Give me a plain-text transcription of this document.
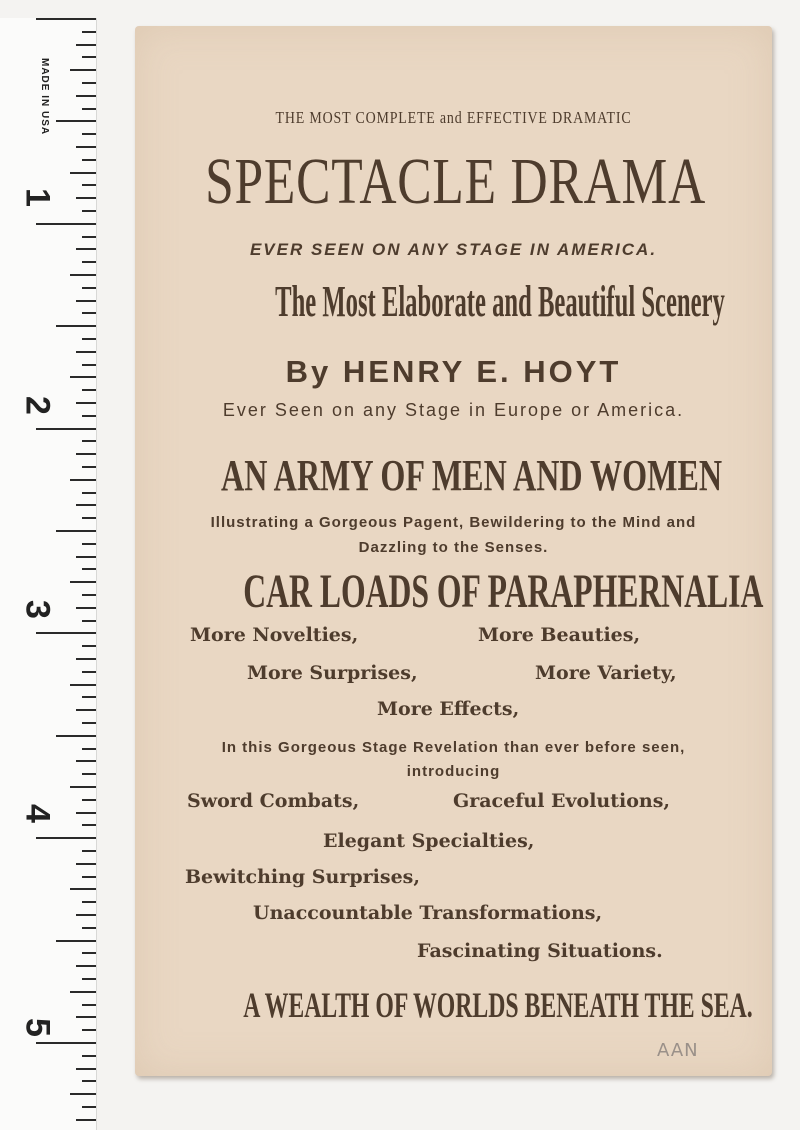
MADE IN USA
1
2
3
4
5
THE MOST COMPLETE and EFFECTIVE DRAMATIC
SPECTACLE DRAMA
EVER SEEN ON ANY STAGE IN AMERICA.
The Most Elaborate and Beautiful Scenery
By HENRY E. HOYT
Ever Seen on any Stage in Europe or America.
AN ARMY OF MEN AND WOMEN
Illustrating a Gorgeous Pagent, Bewildering to the Mind and Dazzling to the Senses.
CAR LOADS OF PARAPHERNALIA
More Novelties,	More Beauties,
More Surprises,	More Variety,
More Effects,
In this Gorgeous Stage Revelation than ever before seen, introducing
Sword Combats,	Graceful Evolutions,
Elegant Specialties,
Bewitching Surprises,
Unaccountable Transformations,
Fascinating Situations.
A WEALTH OF WORLDS BENEATH THE SEA.
AAN
